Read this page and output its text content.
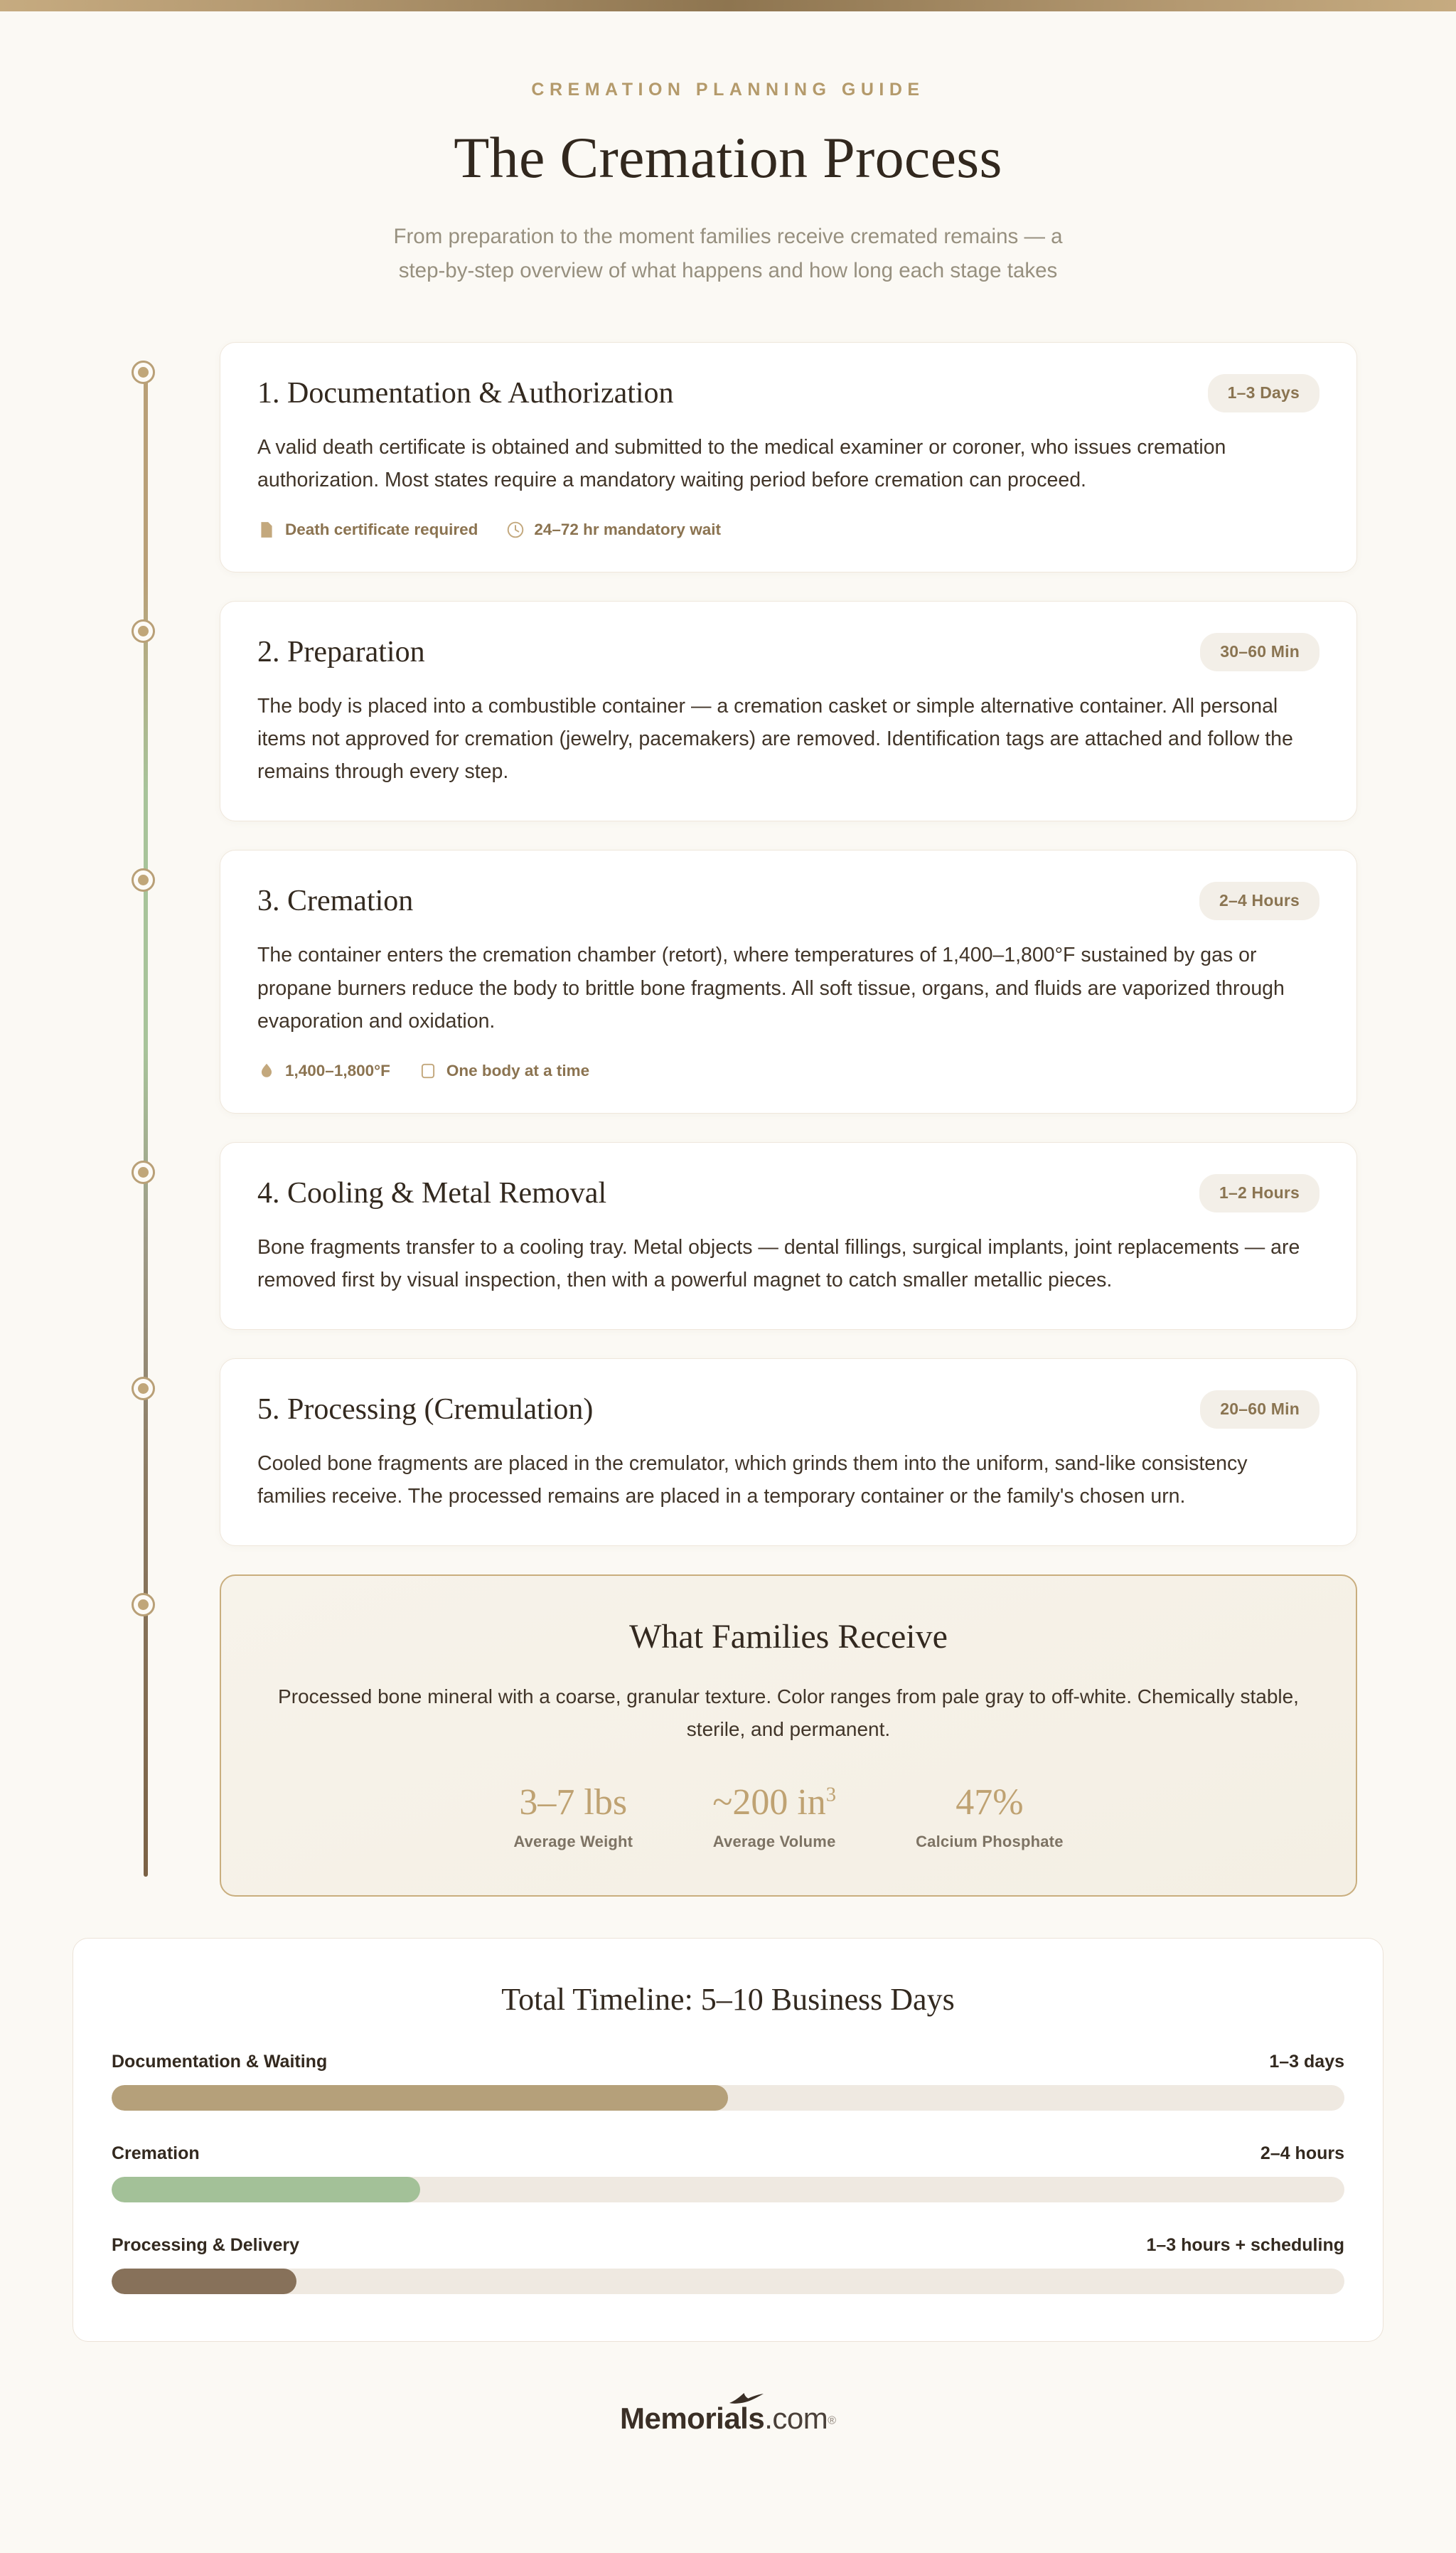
CREMATION PLANNING GUIDE
The Cremation Process

From preparation to the moment families receive cremated remains — a step-by-step overview of what happens and how long each stage takes

1. Documentation & Authorization	1–3 Days
A valid death certificate is obtained and submitted to the medical examiner or coroner, who issues cremation authorization. Most states require a mandatory waiting period before cremation can proceed.
Death certificate required	24–72 hr mandatory wait
2. Preparation	30–60 Min
The body is placed into a combustible container — a cremation casket or simple alternative container. All personal items not approved for cremation (jewelry, pacemakers) are removed. Identification tags are attached and follow the remains through every step.
3. Cremation	2–4 Hours
The container enters the cremation chamber (retort), where temperatures of 1,400–1,800°F sustained by gas or propane burners reduce the body to brittle bone fragments. All soft tissue, organs, and fluids are vaporized through evaporation and oxidation.
1,400–1,800°F	One body at a time
4. Cooling & Metal Removal	1–2 Hours
Bone fragments transfer to a cooling tray. Metal objects — dental fillings, surgical implants, joint replacements — are removed first by visual inspection, then with a powerful magnet to catch smaller metallic pieces.
5. Processing (Cremulation)	20–60 Min
Cooled bone fragments are placed in the cremulator, which grinds them into the uniform, sand-like consistency families receive. The processed remains are placed in a temporary container or the family's chosen urn.
What Families Receive

Processed bone mineral with a coarse, granular texture. Color ranges from pale gray to off-white. Chemically stable, sterile, and permanent.

3–7 lbs
Average Weight
~200 $in^3$
Average Volume
47%
Calcium Phosphate
Total Timeline: 5–10 Business Days
Documentation & Waiting	1–3 days
Cremation	2–4 hours
Processing & Delivery	1–3 hours + scheduling
Memorials.com®
